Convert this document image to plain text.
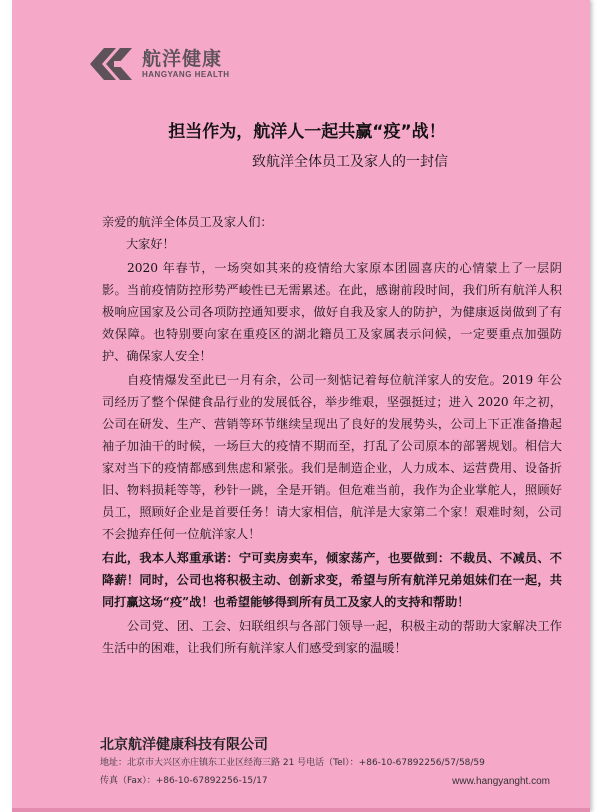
航洋健康
HANGYANG HEALTH
担当作为，航洋人一起共赢“疫”战！
致航洋全体员工及家人的一封信
亲爱的航洋全体员工及家人们：
大家好！
2020 年春节，一场突如其来的疫情给大家原本团圆喜庆的心情蒙上了一层阴影。当前疫情防控形势严峻性已无需累述。在此，感谢前段时间，我们所有航洋人积极响应国家及公司各项防控通知要求，做好自我及家人的防护，为健康返岗做到了有效保障。也特别要向家在重疫区的湖北籍员工及家属表示问候，一定要重点加强防护、确保家人安全！
自疫情爆发至此已一月有余，公司一刻惦记着每位航洋家人的安危。2019 年公司经历了整个保健食品行业的发展低谷，举步维艰，坚强挺过；进入 2020 年之初，公司在研发、生产、营销等环节继续呈现出了良好的发展势头，公司上下正准备撸起袖子加油干的时候，一场巨大的疫情不期而至，打乱了公司原本的部署规划。相信大家对当下的疫情都感到焦虑和紧张。我们是制造企业，人力成本、运营费用、设备折旧、物料损耗等等，秒针一跳，全是开销。但危难当前，我作为企业掌舵人，照顾好员工，照顾好企业是首要任务！请大家相信，航洋是大家第二个家！艰难时刻，公司不会抛弃任何一位航洋家人！
右此，我本人郑重承诺：宁可卖房卖车，倾家荡产，也要做到：不裁员、不减员、不降薪！同时，公司也将积极主动、创新求变，希望与所有航洋兄弟姐妹们在一起，共同打赢这场“疫”战！也希望能够得到所有员工及家人的支持和帮助！
公司党、团、工会、妇联组织与各部门领导一起，积极主动的帮助大家解决工作生活中的困难，让我们所有航洋家人们感受到家的温暖！
北京航洋健康科技有限公司
地址：北京市大兴区亦庄镇东工业区经海三路 21 号电话（Tel）：+86-10-67892256/57/58/59
传真（Fax）：+86-10-67892256-15/17	www.hangyanght.com
